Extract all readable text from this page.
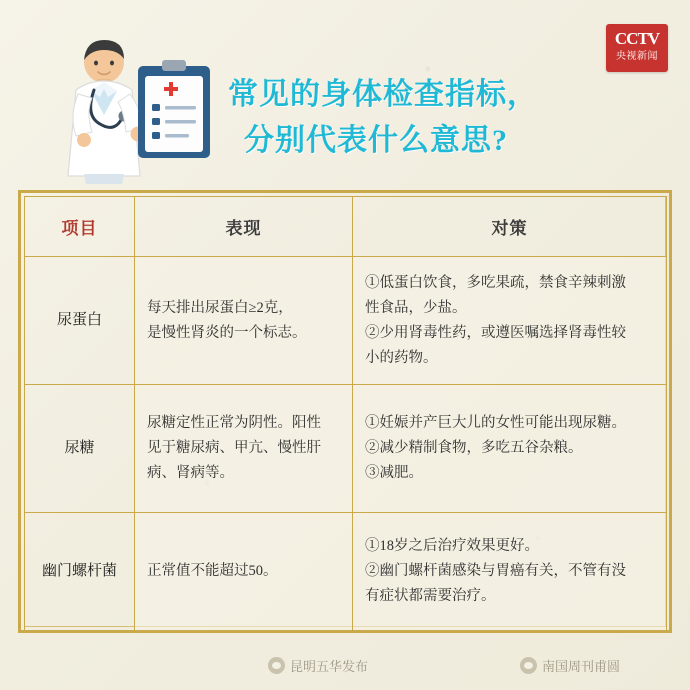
CCTV
央视新闻
常见的身体检查指标，
分别代表什么意思?
项目	表现	对策
尿蛋白	每天排出尿蛋白≥2克，
是慢性肾炎的一个标志。	①低蛋白饮食，多吃果疏，禁食辛辣刺激
性食品，少盐。
②少用肾毒性药，或遵医嘱选择肾毒性较
小的药物。

尿糖	尿糖定性正常为阴性。阳性
见于糖尿病、甲亢、慢性肝
病、肾病等。	①妊娠并产巨大儿的女性可能出现尿糖。
②减少精制食物，多吃五谷杂粮。
③减肥。

幽门螺杆菌	正常值不能超过50。	①18岁之后治疗效果更好。
②幽门螺杆菌感染与胃癌有关，不管有没
有症状都需要治疗。
昆明五华发布	南国周刊甫圆
